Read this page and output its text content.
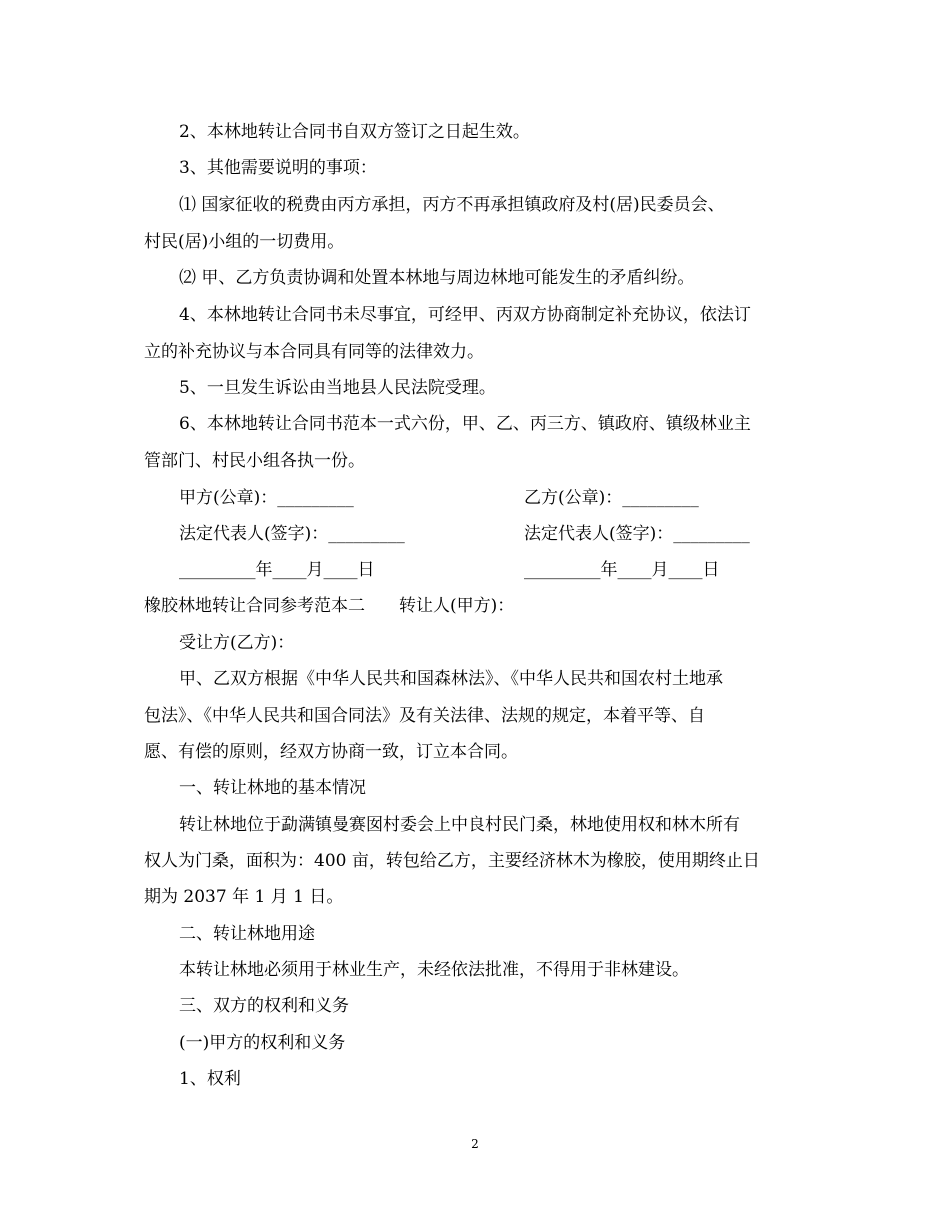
2、本林地转让合同书自双方签订之日起生效。
3、其他需要说明的事项：
⑴ 国家征收的税费由丙方承担，丙方不再承担镇政府及村(居)民委员会、
村民(居)小组的一切费用。
⑵ 甲、乙方负责协调和处置本林地与周边林地可能发生的矛盾纠纷。
4、本林地转让合同书未尽事宜，可经甲、丙双方协商制定补充协议，依法订
立的补充协议与本合同具有同等的法律效力。
5、一旦发生诉讼由当地县人民法院受理。
6、本林地转让合同书范本一式六份，甲、乙、丙三方、镇政府、镇级林业主
管部门、村民小组各执一份。
甲方(公章)：_________	乙方(公章)：_________
法定代表人(签字)：_________	法定代表人(签字)：_________
_________年____月____日	_________年____月____日
橡胶林地转让合同参考范本二　　转让人(甲方)：
受让方(乙方)：
甲、乙双方根据《中华人民共和国森林法》、《中华人民共和国农村土地承
包法》、《中华人民共和国合同法》及有关法律、法规的规定，本着平等、自
愿、有偿的原则，经双方协商一致，订立本合同。
一、转让林地的基本情况
转让林地位于勐满镇曼赛囡村委会上中良村民门桑，林地使用权和林木所有
权人为门桑，面积为：400 亩，转包给乙方，主要经济林木为橡胶，使用期终止日
期为 2037 年 1 月 1 日。
二、转让林地用途
本转让林地必须用于林业生产，未经依法批准，不得用于非林建设。
三、双方的权利和义务
(一)甲方的权利和义务
1、权利
2
